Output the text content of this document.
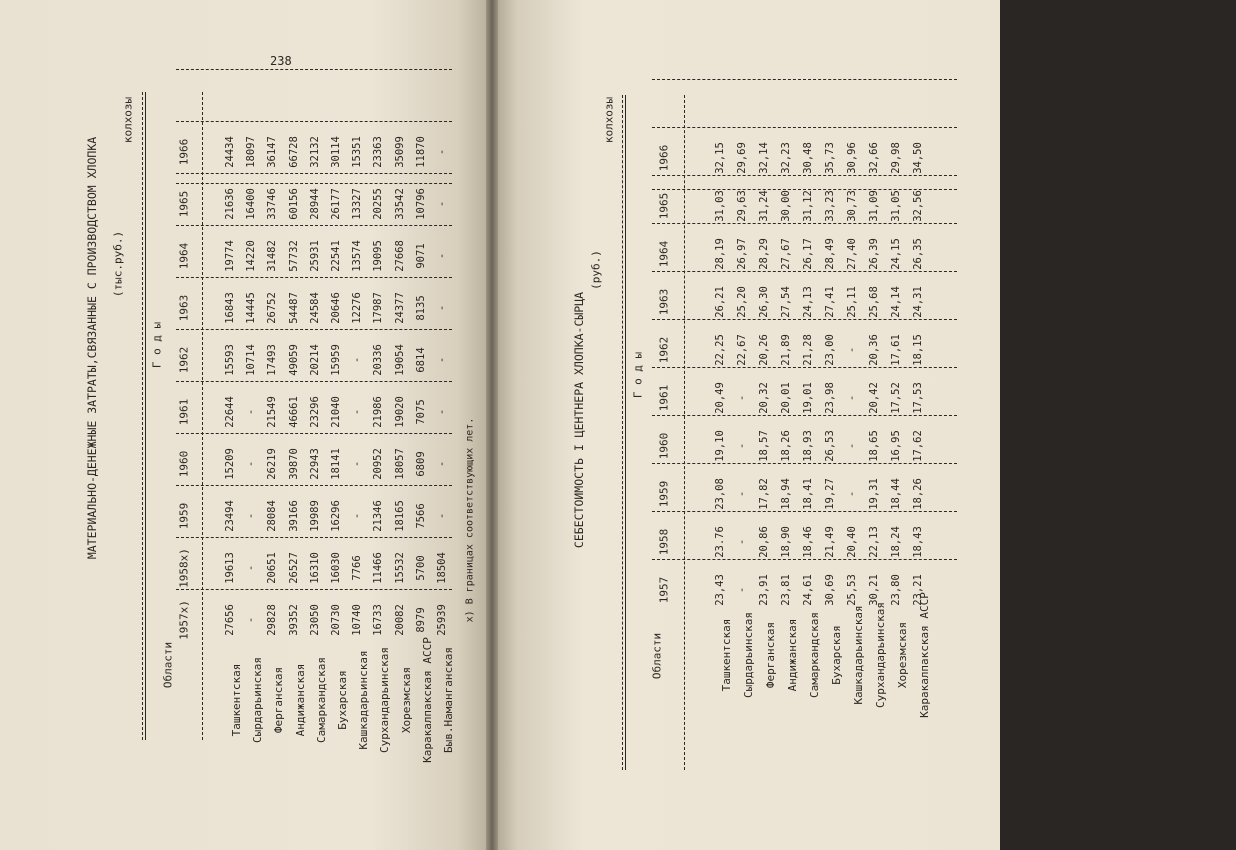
238
МАТЕРИАЛЬНО-ДЕНЕЖНЫЕ ЗАТРАТЫ,СВЯЗАННЫЕ С ПРОИЗВОДСТВОМ ХЛОПКА (тыс.руб.)
колхозы
Г о д ы
Области
1957x)
1958x)
1959
1960
1961
1962
1963
1964
1965
1966
Ташкентская
27656
19613
23494
15209
22644
15593
16843
19774
21636
24434
Сырдарьинская
-
-
-
-
-
10714
14445
14220
16400
18097
Ферганская
29828
20651
28084
26219
21549
17493
26752
31482
33746
36147
Андижанская
39352
26527
39166
39870
46661
49059
54487
57732
60156
66728
Самаркандская
23050
16310
19989
22943
23296
20214
24584
25931
28944
32132
Бухарская
20730
16030
16296
18141
21040
15959
20646
22541
26177
30114
Кашкадарьинская
10740
7766
-
-
-
-
12276
13574
13327
15351
Сурхандарьинская
16733
11466
21346
20952
21986
20336
17987
19095
20255
23363
Хорезмская
20082
15532
18165
18057
19020
19054
24377
27668
33542
35099
Каракалпакская АССР
8979
5700
7566
6809
7075
6814
8135
9071
10796
11870
Быв.Наманганская
25939
18504
-
-
-
-
-
-
-
-
х) В границах соответствующих лет.
239
СЕБЕСТОИМОСТЬ I ЦЕНТНЕРА ХЛОПКА-СЫРЦА
(руб.)
колхозы
Г о д ы
Области
1957
1958
1959
1960
1961
1962
1963
1964
1965
1966
Ташкентская
23,43
23.76
23,08
19,10
20,49
22,25
26,21
28,19
31,03
32,15
Сырдарьинская
-
-
-
-
-
22,67
25,20
26,97
29,63
29,69
Ферганская
23,91
20,86
17,82
18,57
20,32
20,26
26,30
28,29
31,24
32,14
Андижанская
23,81
18,90
18,94
18,26
20,01
21,89
27,54
27,67
30,00
32,23
Самаркандская
24,61
18,46
18,41
18,93
19,01
21,28
24,13
26,17
31,12
30,48
Бухарская
30,69
21,49
19,27
26,53
23,98
23,00
27,41
28,49
33,23
35,73
Кашкадарьинская
25,53
20,40
-
-
-
-
25,11
27,40
30,73
30,96
Сурхандарьинская
30,21
22,13
19,31
18,65
20,42
20,36
25,68
26,39
31,09
32,66
Хорезмская
23,80
18,24
18,44
16,95
17,52
17,61
24,14
24,15
31,05
29,98
Каракалпакская АССР
23,21
18,43
18,26
17,62
17,53
18,15
24,31
26,35
32,56
34,50
